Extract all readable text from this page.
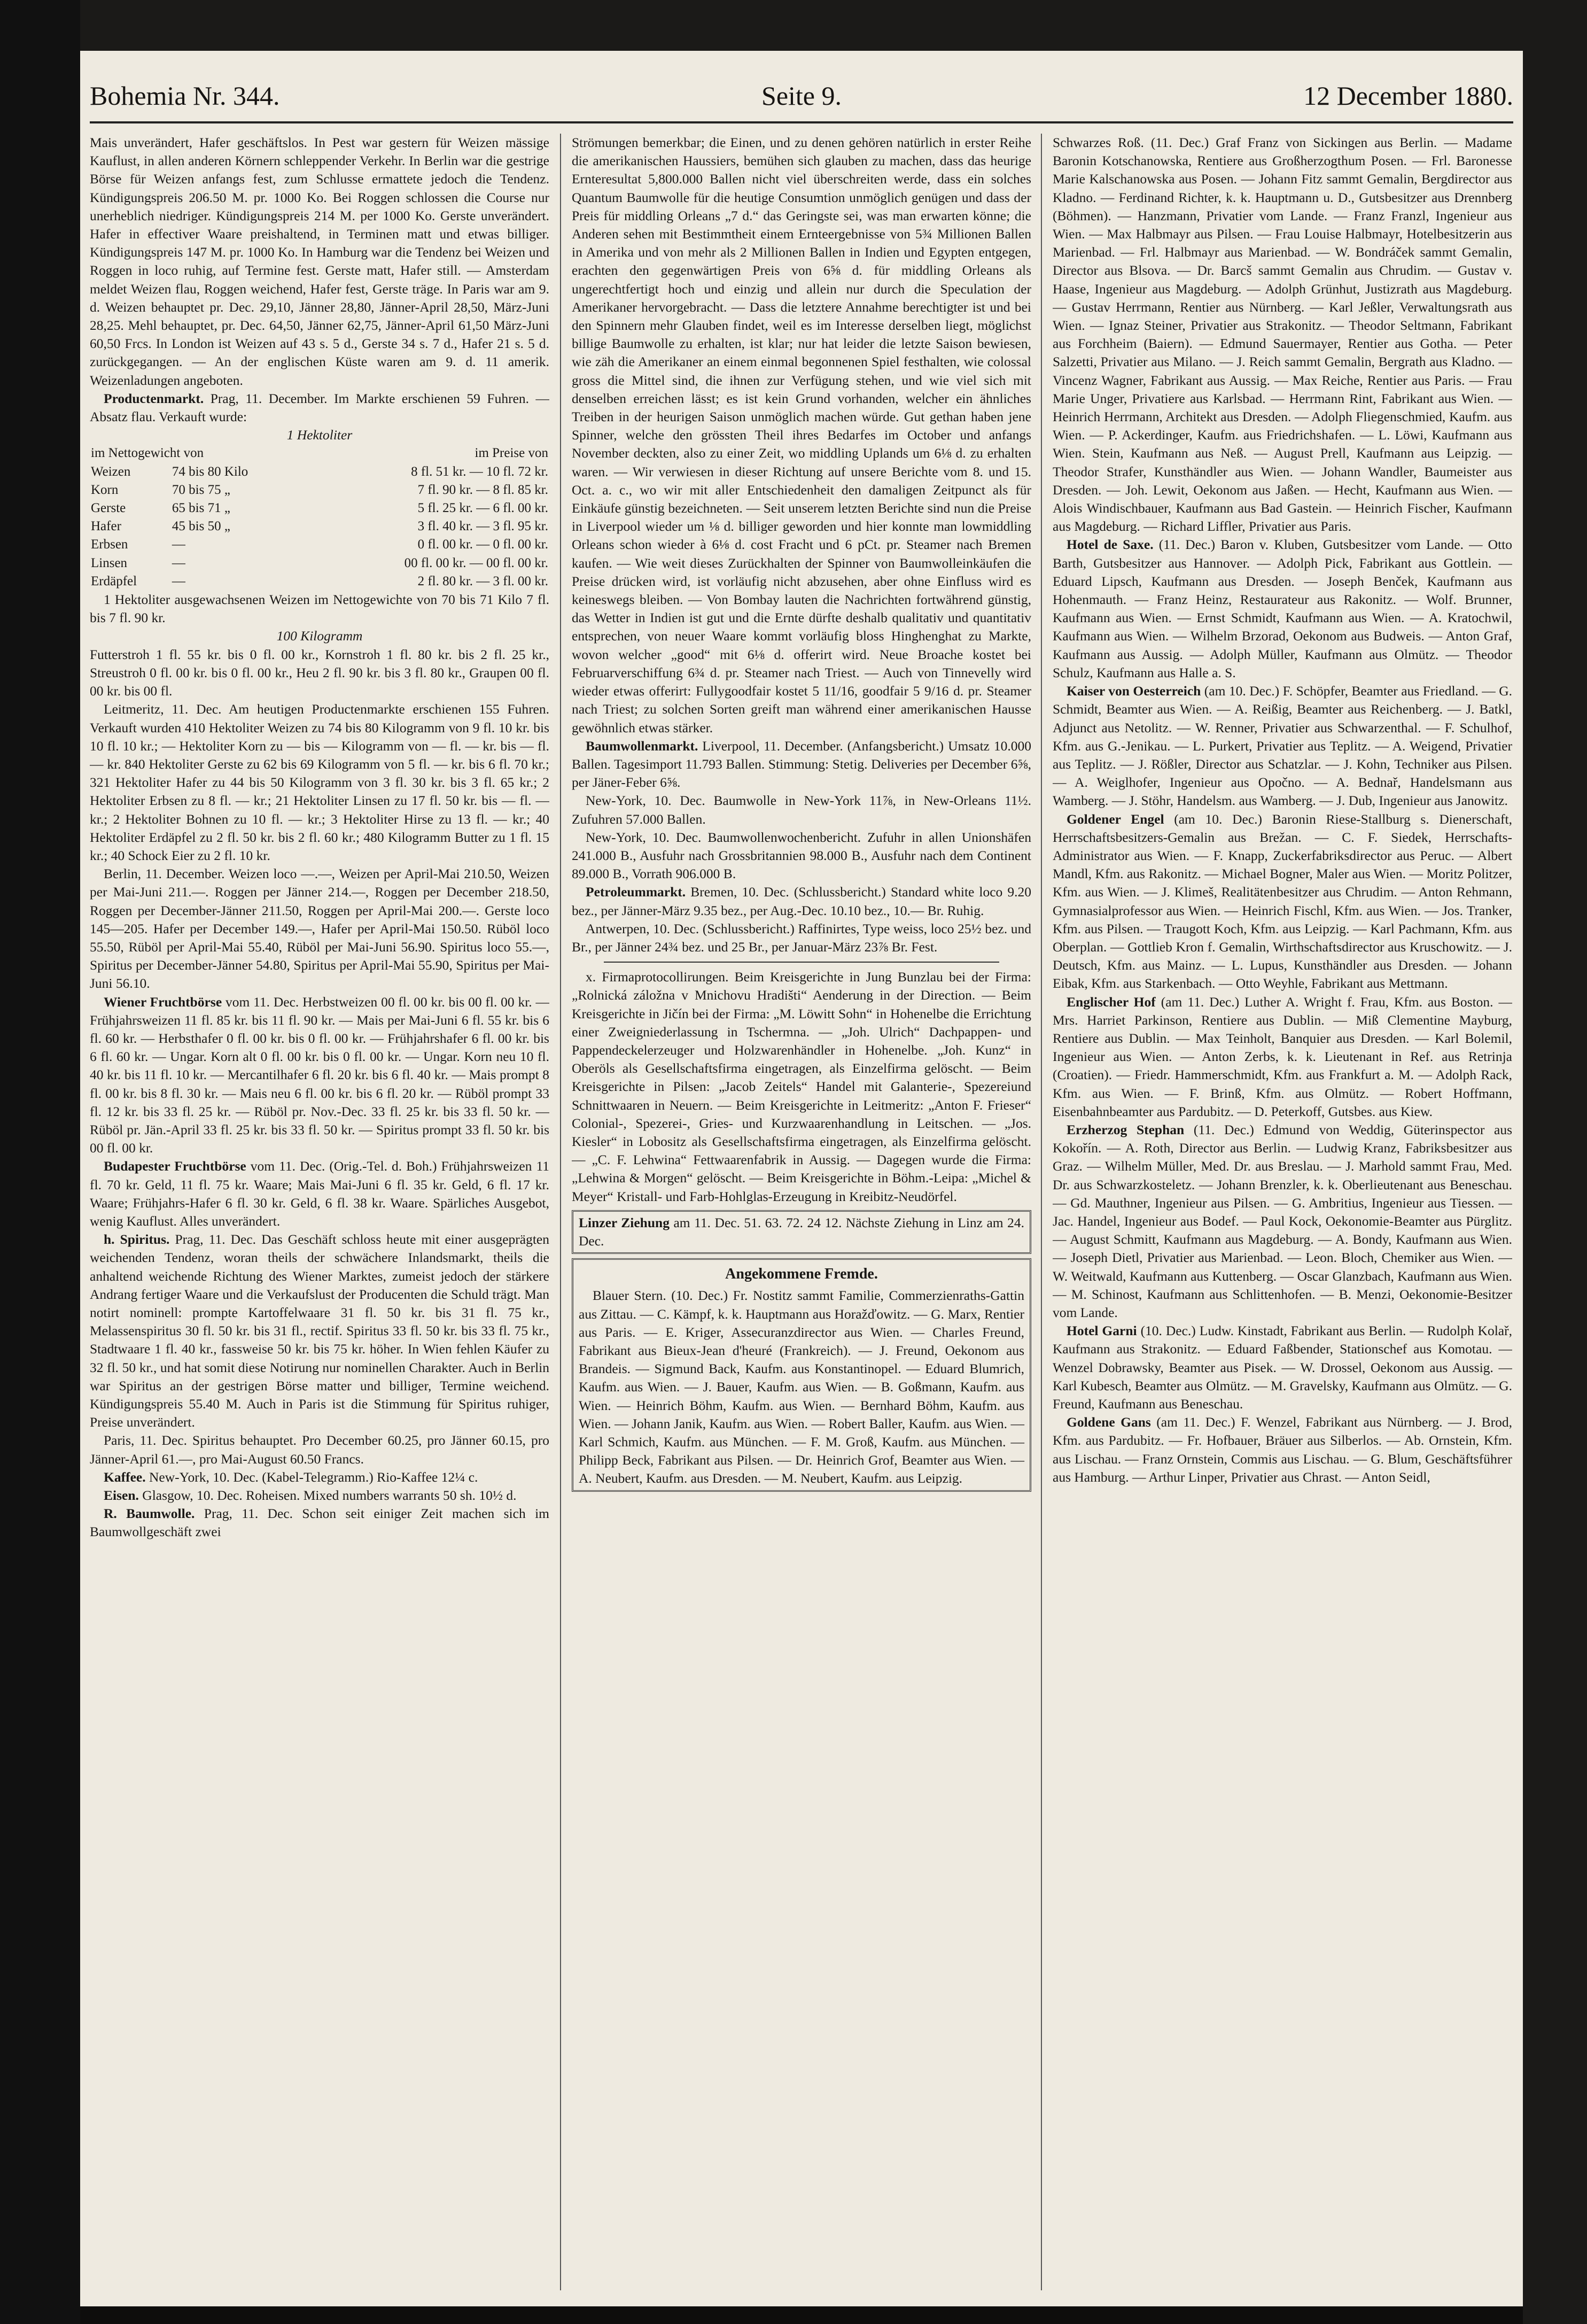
Bohemia Nr. 344.	Seite 9.	12 December 1880.

Mais unverändert, Hafer geschäftslos. In Pest war gestern für Weizen mässige Kauflust, in allen anderen Körnern schleppender Verkehr. In Berlin war die gestrige Börse für Weizen anfangs fest, zum Schlusse ermattete jedoch die Tendenz. Kündigungspreis 206.50 M. pr. 1000 Ko. Bei Roggen schlossen die Course nur unerheblich niedriger. Kündigungspreis 214 M. per 1000 Ko. Gerste unverändert. Hafer in effectiver Waare preishaltend, in Terminen matt und etwas billiger. Kündigungspreis 147 M. pr. 1000 Ko. In Hamburg war die Tendenz bei Weizen und Roggen in loco ruhig, auf Termine fest. Gerste matt, Hafer still. — Amsterdam meldet Weizen flau, Roggen weichend, Hafer fest, Gerste träge. In Paris war am 9. d. Weizen behauptet pr. Dec. 29,10, Jänner 28,80, Jänner-April 28,50, März-Juni 28,25. Mehl behauptet, pr. Dec. 64,50, Jänner 62,75, Jänner-April 61,50 März-Juni 60,50 Frcs. In London ist Weizen auf 43 s. 5 d., Gerste 34 s. 7 d., Hafer 21 s. 5 d. zurückgegangen. — An der englischen Küste waren am 9. d. 11 amerik. Weizenladungen angeboten.

Productenmarkt. Prag, 11. December. Im Markte erschienen 59 Fuhren. — Absatz flau. Verkauft wurde:

1 Hektoliter

im Nettogewicht von		im Preise von
Weizen	74 bis 80 Kilo	8 fl. 51 kr. — 10 fl. 72 kr.
Korn	70 bis 75 „	7 fl. 90 kr. — 8 fl. 85 kr.
Gerste	65 bis 71 „	5 fl. 25 kr. — 6 fl. 00 kr.
Hafer	45 bis 50 „	3 fl. 40 kr. — 3 fl. 95 kr.
Erbsen	—	0 fl. 00 kr. — 0 fl. 00 kr.
Linsen	—	00 fl. 00 kr. — 00 fl. 00 kr.
Erdäpfel	—	2 fl. 80 kr. — 3 fl. 00 kr.

1 Hektoliter ausgewachsenen Weizen im Nettogewichte von 70 bis 71 Kilo 7 fl. bis 7 fl. 90 kr.

100 Kilogramm

Futterstroh 1 fl. 55 kr. bis 0 fl. 00 kr., Kornstroh 1 fl. 80 kr. bis 2 fl. 25 kr., Streustroh 0 fl. 00 kr. bis 0 fl. 00 kr., Heu 2 fl. 90 kr. bis 3 fl. 80 kr., Graupen 00 fl. 00 kr. bis 00 fl.

Leitmeritz, 11. Dec. Am heutigen Productenmarkte erschienen 155 Fuhren. Verkauft wurden 410 Hektoliter Weizen zu 74 bis 80 Kilogramm von 9 fl. 10 kr. bis 10 fl. 10 kr.; — Hektoliter Korn zu — bis — Kilogramm von — fl. — kr. bis — fl. — kr. 840 Hektoliter Gerste zu 62 bis 69 Kilogramm von 5 fl. — kr. bis 6 fl. 70 kr.; 321 Hektoliter Hafer zu 44 bis 50 Kilogramm von 3 fl. 30 kr. bis 3 fl. 65 kr.; 2 Hektoliter Erbsen zu 8 fl. — kr.; 21 Hektoliter Linsen zu 17 fl. 50 kr. bis — fl. — kr.; 2 Hektoliter Bohnen zu 10 fl. — kr.; 3 Hektoliter Hirse zu 13 fl. — kr.; 40 Hektoliter Erdäpfel zu 2 fl. 50 kr. bis 2 fl. 60 kr.; 480 Kilogramm Butter zu 1 fl. 15 kr.; 40 Schock Eier zu 2 fl. 10 kr.

Berlin, 11. December. Weizen loco —.—, Weizen per April-Mai 210.50, Weizen per Mai-Juni 211.—. Roggen per Jänner 214.—, Roggen per December 218.50, Roggen per December-Jänner 211.50, Roggen per April-Mai 200.—. Gerste loco 145—205. Hafer per December 149.—, Hafer per April-Mai 150.50. Rüböl loco 55.50, Rüböl per April-Mai 55.40, Rüböl per Mai-Juni 56.90. Spiritus loco 55.—, Spiritus per December-Jänner 54.80, Spiritus per April-Mai 55.90, Spiritus per Mai-Juni 56.10.

Wiener Fruchtbörse vom 11. Dec. Herbstweizen 00 fl. 00 kr. bis 00 fl. 00 kr. — Frühjahrsweizen 11 fl. 85 kr. bis 11 fl. 90 kr. — Mais per Mai-Juni 6 fl. 55 kr. bis 6 fl. 60 kr. — Herbsthafer 0 fl. 00 kr. bis 0 fl. 00 kr. — Frühjahrshafer 6 fl. 00 kr. bis 6 fl. 60 kr. — Ungar. Korn alt 0 fl. 00 kr. bis 0 fl. 00 kr. — Ungar. Korn neu 10 fl. 40 kr. bis 11 fl. 10 kr. — Mercantilhafer 6 fl. 20 kr. bis 6 fl. 40 kr. — Mais prompt 8 fl. 00 kr. bis 8 fl. 30 kr. — Mais neu 6 fl. 00 kr. bis 6 fl. 20 kr. — Rüböl prompt 33 fl. 12 kr. bis 33 fl. 25 kr. — Rüböl pr. Nov.-Dec. 33 fl. 25 kr. bis 33 fl. 50 kr. — Rüböl pr. Jän.-April 33 fl. 25 kr. bis 33 fl. 50 kr. — Spiritus prompt 33 fl. 50 kr. bis 00 fl. 00 kr.

Budapester Fruchtbörse vom 11. Dec. (Orig.-Tel. d. Boh.) Frühjahrsweizen 11 fl. 70 kr. Geld, 11 fl. 75 kr. Waare; Mais Mai-Juni 6 fl. 35 kr. Geld, 6 fl. 17 kr. Waare; Frühjahrs-Hafer 6 fl. 30 kr. Geld, 6 fl. 38 kr. Waare. Spärliches Ausgebot, wenig Kauflust. Alles unverändert.

h. Spiritus. Prag, 11. Dec. Das Geschäft schloss heute mit einer ausgeprägten weichenden Tendenz, woran theils der schwächere Inlandsmarkt, theils die anhaltend weichende Richtung des Wiener Marktes, zumeist jedoch der stärkere Andrang fertiger Waare und die Verkaufslust der Producenten die Schuld trägt. Man notirt nominell: prompte Kartoffelwaare 31 fl. 50 kr. bis 31 fl. 75 kr., Melassenspiritus 30 fl. 50 kr. bis 31 fl., rectif. Spiritus 33 fl. 50 kr. bis 33 fl. 75 kr., Stadtwaare 1 fl. 40 kr., fassweise 50 kr. bis 75 kr. höher. In Wien fehlen Käufer zu 32 fl. 50 kr., und hat somit diese Notirung nur nominellen Charakter. Auch in Berlin war Spiritus an der gestrigen Börse matter und billiger, Termine weichend. Kündigungspreis 55.40 M. Auch in Paris ist die Stimmung für Spiritus ruhiger, Preise unverändert.

Paris, 11. Dec. Spiritus behauptet. Pro December 60.25, pro Jänner 60.15, pro Jänner-April 61.—, pro Mai-August 60.50 Francs.

Kaffee. New-York, 10. Dec. (Kabel-Telegramm.) Rio-Kaffee 12¼ c.

Eisen. Glasgow, 10. Dec. Roheisen. Mixed numbers warrants 50 sh. 10½ d.

R. Baumwolle. Prag, 11. Dec. Schon seit einiger Zeit machen sich im Baumwollgeschäft zwei

Strömungen bemerkbar; die Einen, und zu denen gehören natürlich in erster Reihe die amerikanischen Haussiers, bemühen sich glauben zu machen, dass das heurige Ernteresultat 5,800.000 Ballen nicht viel überschreiten werde, dass ein solches Quantum Baumwolle für die heutige Consumtion unmöglich genügen und dass der Preis für middling Orleans „7 d.“ das Geringste sei, was man erwarten könne; die Anderen sehen mit Bestimmtheit einem Ernteergebnisse von 5¾ Millionen Ballen in Amerika und von mehr als 2 Millionen Ballen in Indien und Egypten entgegen, erachten den gegenwärtigen Preis von 6⅝ d. für middling Orleans als ungerechtfertigt hoch und einzig und allein nur durch die Speculation der Amerikaner hervorgebracht. — Dass die letztere Annahme berechtigter ist und bei den Spinnern mehr Glauben findet, weil es im Interesse derselben liegt, möglichst billige Baumwolle zu erhalten, ist klar; nur hat leider die letzte Saison bewiesen, wie zäh die Amerikaner an einem einmal begonnenen Spiel festhalten, wie colossal gross die Mittel sind, die ihnen zur Verfügung stehen, und wie viel sich mit denselben erreichen lässt; es ist kein Grund vorhanden, welcher ein ähnliches Treiben in der heurigen Saison unmöglich machen würde. Gut gethan haben jene Spinner, welche den grössten Theil ihres Bedarfes im October und anfangs November deckten, also zu einer Zeit, wo middling Uplands um 6⅛ d. zu erhalten waren. — Wir verwiesen in dieser Richtung auf unsere Berichte vom 8. und 15. Oct. a. c., wo wir mit aller Entschiedenheit den damaligen Zeitpunct als für Einkäufe günstig bezeichneten. — Seit unserem letzten Berichte sind nun die Preise in Liverpool wieder um ⅛ d. billiger geworden und hier konnte man lowmiddling Orleans schon wieder à 6⅛ d. cost Fracht und 6 pCt. pr. Steamer nach Bremen kaufen. — Wie weit dieses Zurückhalten der Spinner von Baumwolleinkäufen die Preise drücken wird, ist vorläufig nicht abzusehen, aber ohne Einfluss wird es keineswegs bleiben. — Von Bombay lauten die Nachrichten fortwährend günstig, das Wetter in Indien ist gut und die Ernte dürfte deshalb qualitativ und quantitativ entsprechen, von neuer Waare kommt vorläufig bloss Hinghenghat zu Markte, wovon welcher „good“ mit 6⅛ d. offerirt wird. Neue Broache kostet bei Februarverschiffung 6¾ d. pr. Steamer nach Triest. — Auch von Tinnevelly wird wieder etwas offerirt: Fullygoodfair kostet 5 11/16, goodfair 5 9/16 d. pr. Steamer nach Triest; zu solchen Sorten greift man während einer amerikanischen Hausse gewöhnlich etwas stärker.

Baumwollenmarkt. Liverpool, 11. December. (Anfangsbericht.) Umsatz 10.000 Ballen. Tagesimport 11.793 Ballen. Stimmung: Stetig. Deliveries per December 6⅝, per Jäner-Feber 6⅝.

New-York, 10. Dec. Baumwolle in New-York 11⅞, in New-Orleans 11½. Zufuhren 57.000 Ballen.

New-York, 10. Dec. Baumwollenwochenbericht. Zufuhr in allen Unionshäfen 241.000 B., Ausfuhr nach Grossbritannien 98.000 B., Ausfuhr nach dem Continent 89.000 B., Vorrath 906.000 B.

Petroleummarkt. Bremen, 10. Dec. (Schlussbericht.) Standard white loco 9.20 bez., per Jänner-März 9.35 bez., per Aug.-Dec. 10.10 bez., 10.— Br. Ruhig.

Antwerpen, 10. Dec. (Schlussbericht.) Raffinirtes, Type weiss, loco 25½ bez. und Br., per Jänner 24¾ bez. und 25 Br., per Januar-März 23⅞ Br. Fest.

x. Firmaprotocollirungen. Beim Kreisgerichte in Jung Bunzlau bei der Firma: „Rolnická záložna v Mnichovu Hradišti“ Aenderung in der Direction. — Beim Kreisgerichte in Jičín bei der Firma: „M. Löwitt Sohn“ in Hohenelbe die Errichtung einer Zweigniederlassung in Tschermna. — „Joh. Ulrich“ Dachpappen- und Pappendeckelerzeuger und Holzwarenhändler in Hohenelbe. „Joh. Kunz“ in Oberöls als Gesellschaftsfirma eingetragen, als Einzelfirma gelöscht. — Beim Kreisgerichte in Pilsen: „Jacob Zeitels“ Handel mit Galanterie-, Spezereiund Schnittwaaren in Neuern. — Beim Kreisgerichte in Leitmeritz: „Anton F. Frieser“ Colonial-, Spezerei-, Gries- und Kurzwaarenhandlung in Leitschen. — „Jos. Kiesler“ in Lobositz als Gesellschaftsfirma eingetragen, als Einzelfirma gelöscht. — „C. F. Lehwina“ Fettwaarenfabrik in Aussig. — Dagegen wurde die Firma: „Lehwina & Morgen“ gelöscht. — Beim Kreisgerichte in Böhm.-Leipa: „Michel & Meyer“ Kristall- und Farb-Hohlglas-Erzeugung in Kreibitz-Neudörfel.

Linzer Ziehung am 11. Dec. 51. 63. 72. 24 12. Nächste Ziehung in Linz am 24. Dec.

Angekommene Fremde.

Blauer Stern. (10. Dec.) Fr. Nostitz sammt Familie, Commerzienraths-Gattin aus Zittau. — C. Kämpf, k. k. Hauptmann aus Horažďowitz. — G. Marx, Rentier aus Paris. — E. Kriger, Assecuranzdirector aus Wien. — Charles Freund, Fabrikant aus Bieux-Jean d'heuré (Frankreich). — J. Freund, Oekonom aus Brandeis. — Sigmund Back, Kaufm. aus Konstantinopel. — Eduard Blumrich, Kaufm. aus Wien. — J. Bauer, Kaufm. aus Wien. — B. Goßmann, Kaufm. aus Wien. — Heinrich Böhm, Kaufm. aus Wien. — Bernhard Böhm, Kaufm. aus Wien. — Johann Janik, Kaufm. aus Wien. — Robert Baller, Kaufm. aus Wien. — Karl Schmich, Kaufm. aus München. — F. M. Groß, Kaufm. aus München. — Philipp Beck, Fabrikant aus Pilsen. — Dr. Heinrich Grof, Beamter aus Wien. — A. Neubert, Kaufm. aus Dresden. — M. Neubert, Kaufm. aus Leipzig.

Schwarzes Roß. (11. Dec.) Graf Franz von Sickingen aus Berlin. — Madame Baronin Kotschanowska, Rentiere aus Großherzogthum Posen. — Frl. Baronesse Marie Kalschanowska aus Posen. — Johann Fitz sammt Gemalin, Bergdirector aus Kladno. — Ferdinand Richter, k. k. Hauptmann u. D., Gutsbesitzer aus Drennberg (Böhmen). — Hanzmann, Privatier vom Lande. — Franz Franzl, Ingenieur aus Wien. — Max Halbmayr aus Pilsen. — Frau Louise Halbmayr, Hotelbesitzerin aus Marienbad. — Frl. Halbmayr aus Marienbad. — W. Bondráček sammt Gemalin, Director aus Blsova. — Dr. Barcš sammt Gemalin aus Chrudim. — Gustav v. Haase, Ingenieur aus Magdeburg. — Adolph Grünhut, Justizrath aus Magdeburg. — Gustav Herrmann, Rentier aus Nürnberg. — Karl Jeßler, Verwaltungsrath aus Wien. — Ignaz Steiner, Privatier aus Strakonitz. — Theodor Seltmann, Fabrikant aus Forchheim (Baiern). — Edmund Sauermayer, Rentier aus Gotha. — Peter Salzetti, Privatier aus Milano. — J. Reich sammt Gemalin, Bergrath aus Kladno. — Vincenz Wagner, Fabrikant aus Aussig. — Max Reiche, Rentier aus Paris. — Frau Marie Unger, Privatiere aus Karlsbad. — Herrmann Rint, Fabrikant aus Wien. — Heinrich Herrmann, Architekt aus Dresden. — Adolph Fliegenschmied, Kaufm. aus Wien. — P. Ackerdinger, Kaufm. aus Friedrichshafen. — L. Löwi, Kaufmann aus Wien. Stein, Kaufmann aus Neß. — August Prell, Kaufmann aus Leipzig. — Theodor Strafer, Kunsthändler aus Wien. — Johann Wandler, Baumeister aus Dresden. — Joh. Lewit, Oekonom aus Jaßen. — Hecht, Kaufmann aus Wien. — Alois Windischbauer, Kaufmann aus Bad Gastein. — Heinrich Fischer, Kaufmann aus Magdeburg. — Richard Liffler, Privatier aus Paris.

Hotel de Saxe. (11. Dec.) Baron v. Kluben, Gutsbesitzer vom Lande. — Otto Barth, Gutsbesitzer aus Hannover. — Adolph Pick, Fabrikant aus Gottlein. — Eduard Lipsch, Kaufmann aus Dresden. — Joseph Benček, Kaufmann aus Hohenmauth. — Franz Heinz, Restaurateur aus Rakonitz. — Wolf. Brunner, Kaufmann aus Wien. — Ernst Schmidt, Kaufmann aus Wien. — A. Kratochwil, Kaufmann aus Wien. — Wilhelm Brzorad, Oekonom aus Budweis. — Anton Graf, Kaufmann aus Aussig. — Adolph Müller, Kaufmann aus Olmütz. — Theodor Schulz, Kaufmann aus Halle a. S.

Kaiser von Oesterreich (am 10. Dec.) F. Schöpfer, Beamter aus Friedland. — G. Schmidt, Beamter aus Wien. — A. Reißig, Beamter aus Reichenberg. — J. Batkl, Adjunct aus Netolitz. — W. Renner, Privatier aus Schwarzenthal. — F. Schulhof, Kfm. aus G.-Jenikau. — L. Purkert, Privatier aus Teplitz. — A. Weigend, Privatier aus Teplitz. — J. Rößler, Director aus Schatzlar. — J. Kohn, Techniker aus Pilsen. — A. Weiglhofer, Ingenieur aus Opočno. — A. Bednař, Handelsmann aus Wamberg. — J. Stöhr, Handelsm. aus Wamberg. — J. Dub, Ingenieur aus Janowitz.

Goldener Engel (am 10. Dec.) Baronin Riese-Stallburg s. Dienerschaft, Herrschaftsbesitzers-Gemalin aus Brežan. — C. F. Siedek, Herrschafts-Administrator aus Wien. — F. Knapp, Zuckerfabriksdirector aus Peruc. — Albert Mandl, Kfm. aus Rakonitz. — Michael Bogner, Maler aus Wien. — Moritz Politzer, Kfm. aus Wien. — J. Klimeš, Realitätenbesitzer aus Chrudim. — Anton Rehmann, Gymnasialprofessor aus Wien. — Heinrich Fischl, Kfm. aus Wien. — Jos. Tranker, Kfm. aus Pilsen. — Traugott Koch, Kfm. aus Leipzig. — Karl Pachmann, Kfm. aus Oberplan. — Gottlieb Kron f. Gemalin, Wirthschaftsdirector aus Kruschowitz. — J. Deutsch, Kfm. aus Mainz. — L. Lupus, Kunsthändler aus Dresden. — Johann Eibak, Kfm. aus Starkenbach. — Otto Weyhle, Fabrikant aus Mettmann.

Englischer Hof (am 11. Dec.) Luther A. Wright f. Frau, Kfm. aus Boston. — Mrs. Harriet Parkinson, Rentiere aus Dublin. — Miß Clementine Mayburg, Rentiere aus Dublin. — Max Teinholt, Banquier aus Dresden. — Karl Bolemil, Ingenieur aus Wien. — Anton Zerbs, k. k. Lieutenant in Ref. aus Retrinja (Croatien). — Friedr. Hammerschmidt, Kfm. aus Frankfurt a. M. — Adolph Rack, Kfm. aus Wien. — F. Brinß, Kfm. aus Olmütz. — Robert Hoffmann, Eisenbahnbeamter aus Pardubitz. — D. Peterkoff, Gutsbes. aus Kiew.

Erzherzog Stephan (11. Dec.) Edmund von Weddig, Güterinspector aus Kokořín. — A. Roth, Director aus Berlin. — Ludwig Kranz, Fabriksbesitzer aus Graz. — Wilhelm Müller, Med. Dr. aus Breslau. — J. Marhold sammt Frau, Med. Dr. aus Schwarzkosteletz. — Johann Brenzler, k. k. Oberlieutenant aus Beneschau. — Gd. Mauthner, Ingenieur aus Pilsen. — G. Ambritius, Ingenieur aus Tiessen. — Jac. Handel, Ingenieur aus Bodef. — Paul Kock, Oekonomie-Beamter aus Pürglitz. — August Schmitt, Kaufmann aus Magdeburg. — A. Bondy, Kaufmann aus Wien. — Joseph Dietl, Privatier aus Marienbad. — Leon. Bloch, Chemiker aus Wien. — W. Weitwald, Kaufmann aus Kuttenberg. — Oscar Glanzbach, Kaufmann aus Wien. — M. Schinost, Kaufmann aus Schlittenhofen. — B. Menzi, Oekonomie-Besitzer vom Lande.

Hotel Garni (10. Dec.) Ludw. Kinstadt, Fabrikant aus Berlin. — Rudolph Kolař, Kaufmann aus Strakonitz. — Eduard Faßbender, Stationschef aus Komotau. — Wenzel Dobrawsky, Beamter aus Pisek. — W. Drossel, Oekonom aus Aussig. — Karl Kubesch, Beamter aus Olmütz. — M. Gravelsky, Kaufmann aus Olmütz. — G. Freund, Kaufmann aus Beneschau.

Goldene Gans (am 11. Dec.) F. Wenzel, Fabrikant aus Nürnberg. — J. Brod, Kfm. aus Pardubitz. — Fr. Hofbauer, Bräuer aus Silberlos. — Ab. Ornstein, Kfm. aus Lischau. — Franz Ornstein, Commis aus Lischau. — G. Blum, Geschäftsführer aus Hamburg. — Arthur Linper, Privatier aus Chrast. — Anton Seidl,
